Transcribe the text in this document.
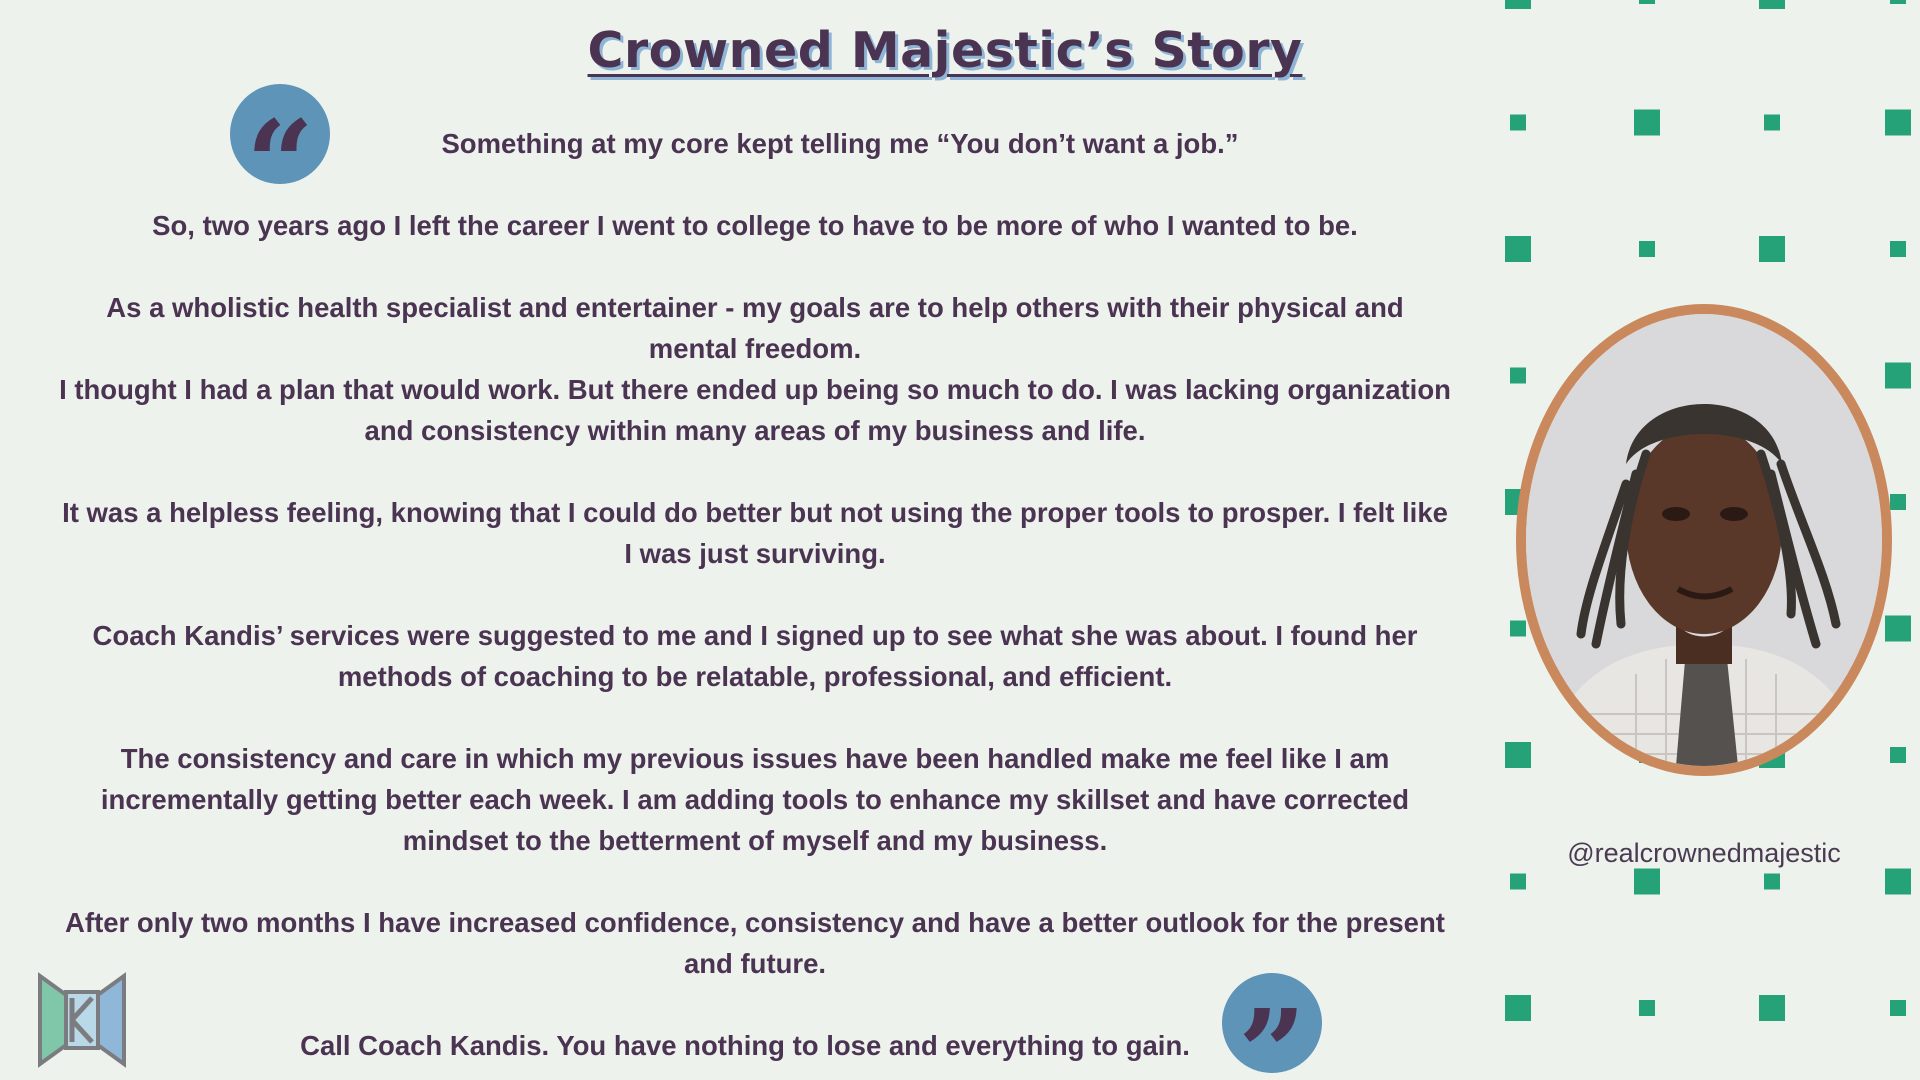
Crowned Majestic’s Story
“	Something at my core kept telling me “You don’t want a job.”

So, two years ago I left the career I went to college to have to be more of who I wanted to be.

As a wholistic health specialist and entertainer - my goals are to help others with their physical and mental freedom.

I thought I had a plan that would work. But there ended up being so much to do. I was lacking organization and consistency within many areas of my business and life.

It was a helpless feeling, knowing that I could do better but not using the proper tools to prosper. I felt like I was just surviving.

Coach Kandis’ services were suggested to me and I signed up to see what she was about. I found her methods of coaching to be relatable, professional, and efficient.

The consistency and care in which my previous issues have been handled make me feel like I am incrementally getting better each week. I am adding tools to enhance my skillset and have corrected mindset to the betterment of myself and my business.

After only two months I have increased confidence, consistency and have a better outlook for the present and future.

Call Coach Kandis. You have nothing to lose and everything to gain. ”
@realcrownedmajestic
